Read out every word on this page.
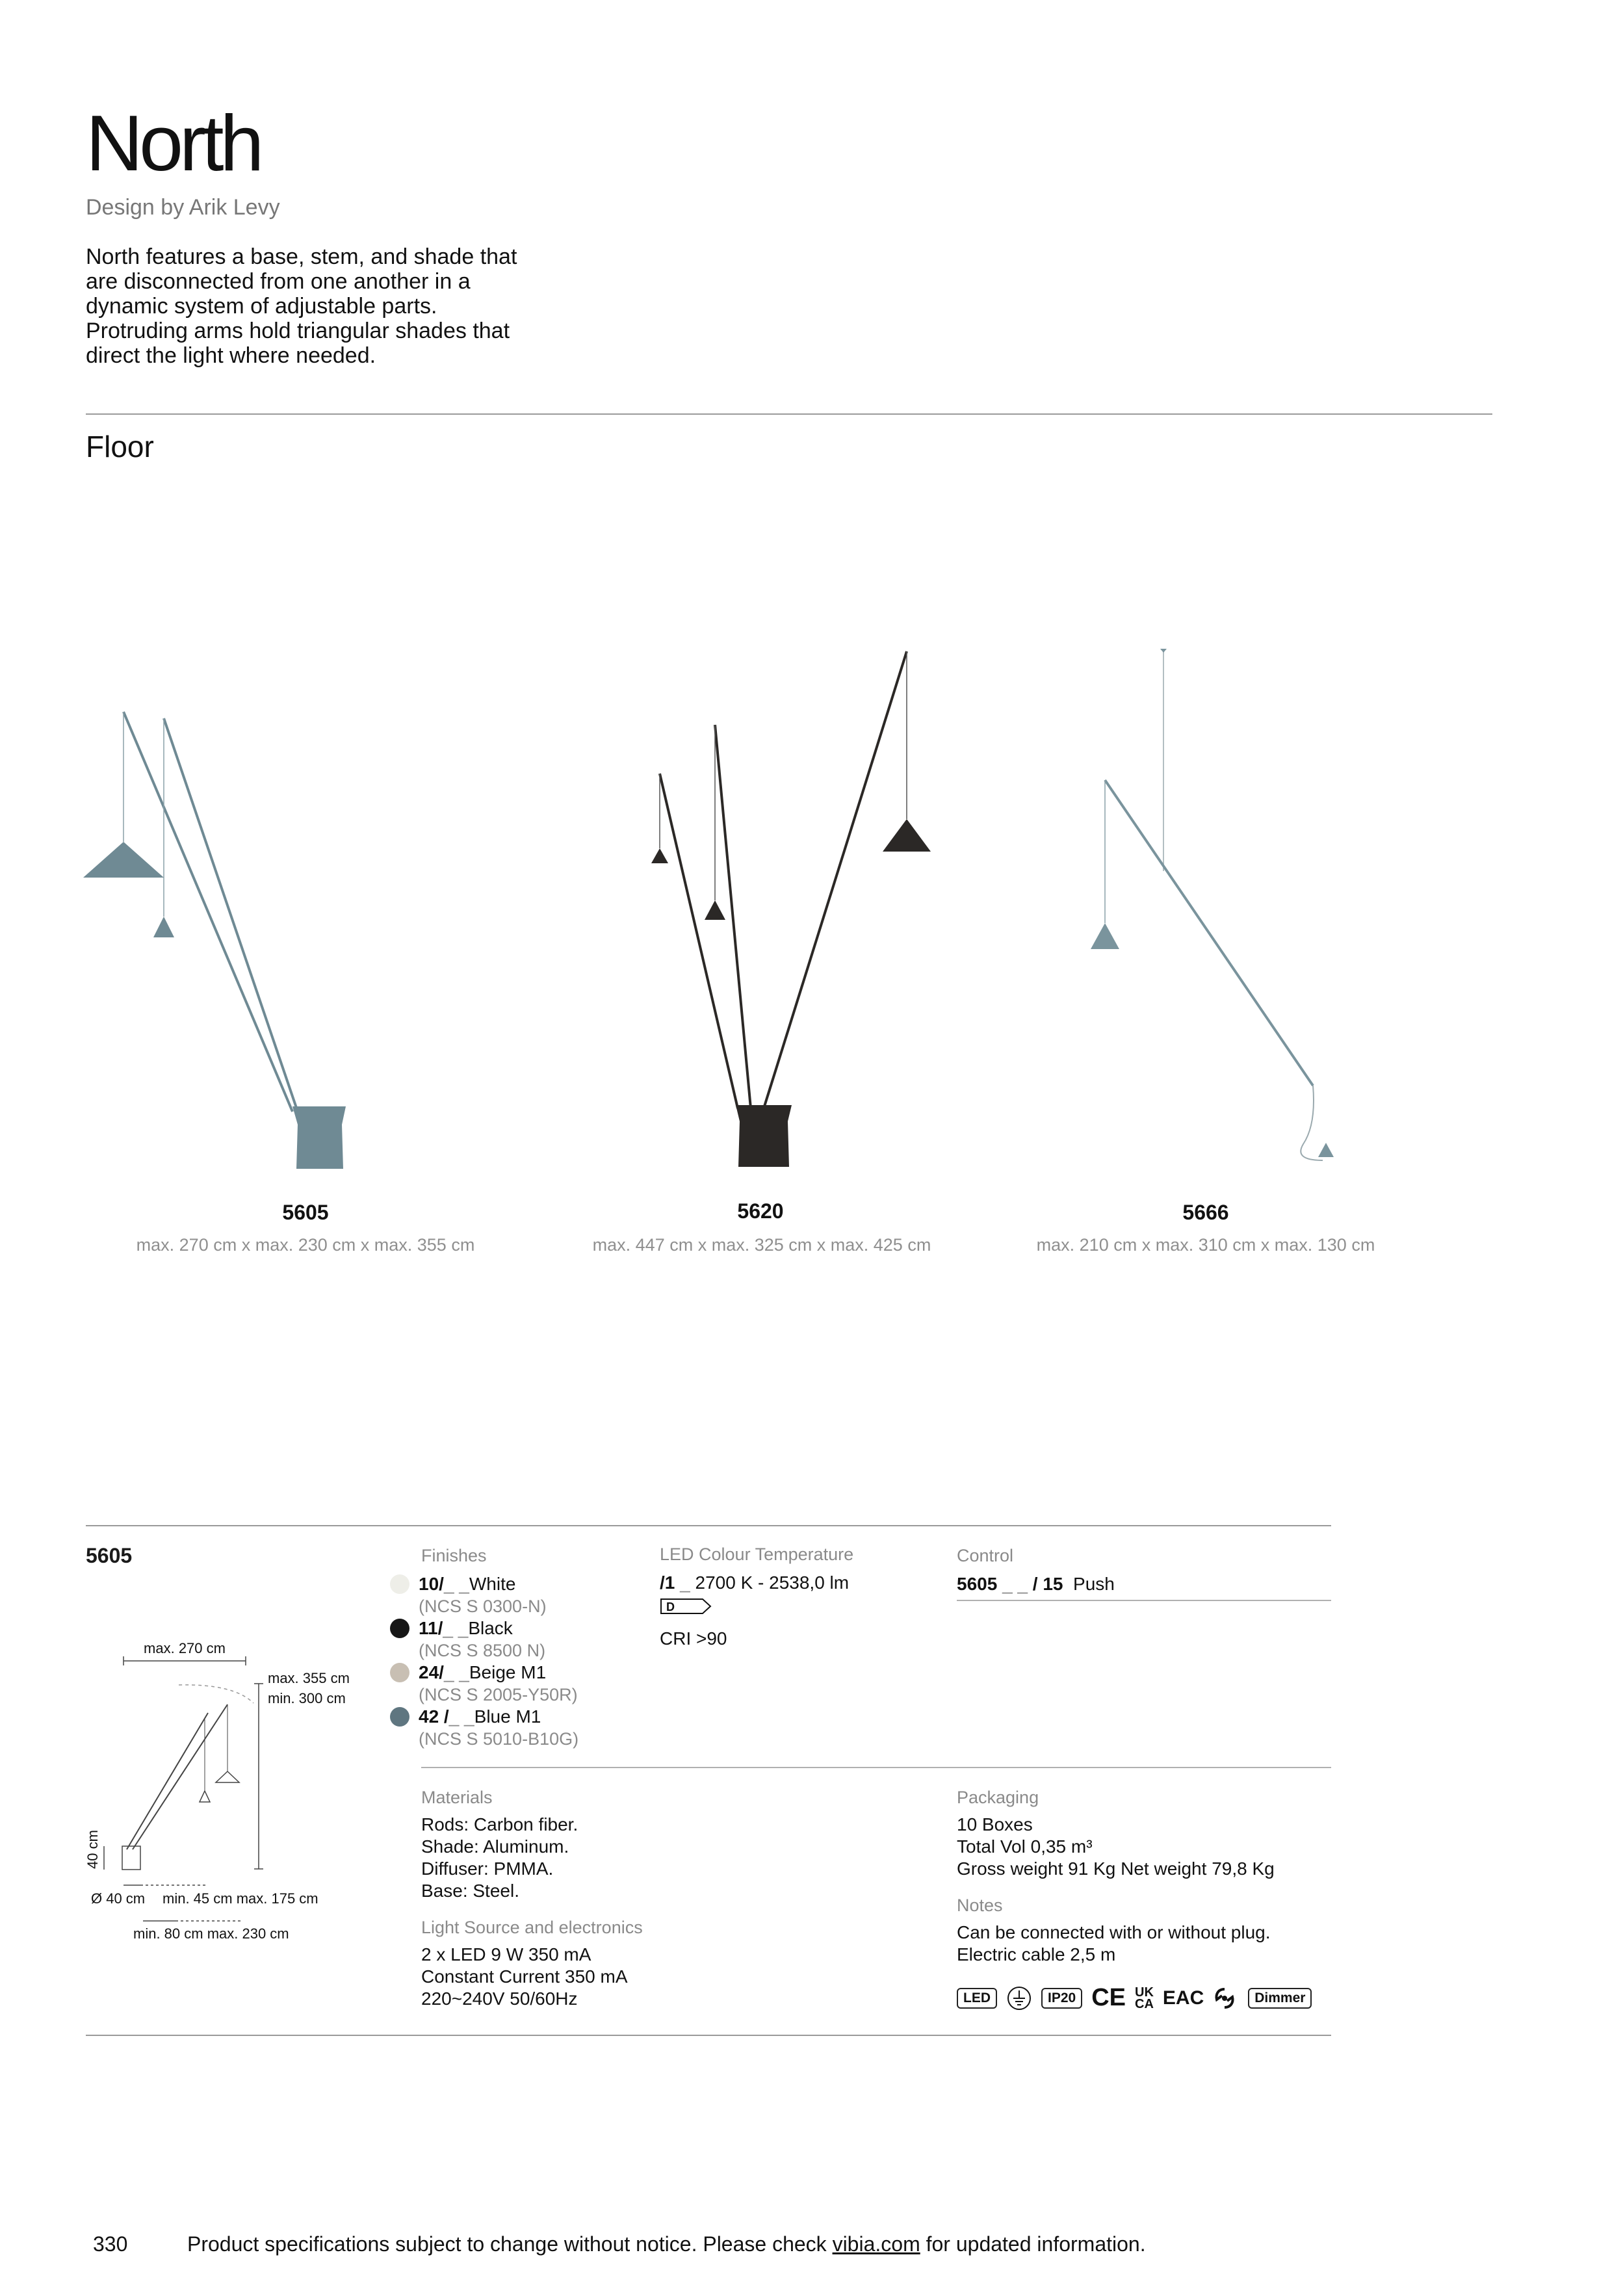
North
Design by Arik Levy
North features a base, stem, and shade that are disconnected from one another in a dynamic system of adjustable parts. Protruding arms hold triangular shades that direct the light where needed.
Floor
5605
max. 270 cm x max. 230 cm x max. 355 cm
5620
max. 447 cm x max. 325 cm x max. 425 cm
5666
max. 210 cm x max. 310 cm x max. 130 cm
5605
max. 270 cm
max. 355 cm
min. 300 cm
40 cm
Ø 40 cm min. 45 cm max. 175 cm
min. 80 cm max. 230 cm
Finishes
10/ _ _ White
(NCS S 0300-N)
11/ _ _ Black
(NCS S 8500 N)
24/ _ _ Beige M1
(NCS S 2005-Y50R)
42 / _ _ Blue M1
(NCS S 5010-B10G)
LED Colour Temperature
/1 _ 2700 K - 2538,0 lm
D
CRI >90
Control
5605 _ _ / 15 Push
Materials
Rods: Carbon fiber.
Shade: Aluminum.
Diffuser: PMMA.
Base: Steel.
Light Source and electronics
2 x LED 9 W 350 mA
Constant Current 350 mA
220~240V 50/60Hz
Packaging
10 Boxes
Total Vol 0,35 m³
Gross weight 91 Kg Net weight 79,8 Kg
Notes
Can be connected with or without plug.
Electric cable 2,5 m
LED	IP20 CE UK
CA EAC	Dimmer
330	Product specifications subject to change without notice. Please check vibia.com for updated information.
